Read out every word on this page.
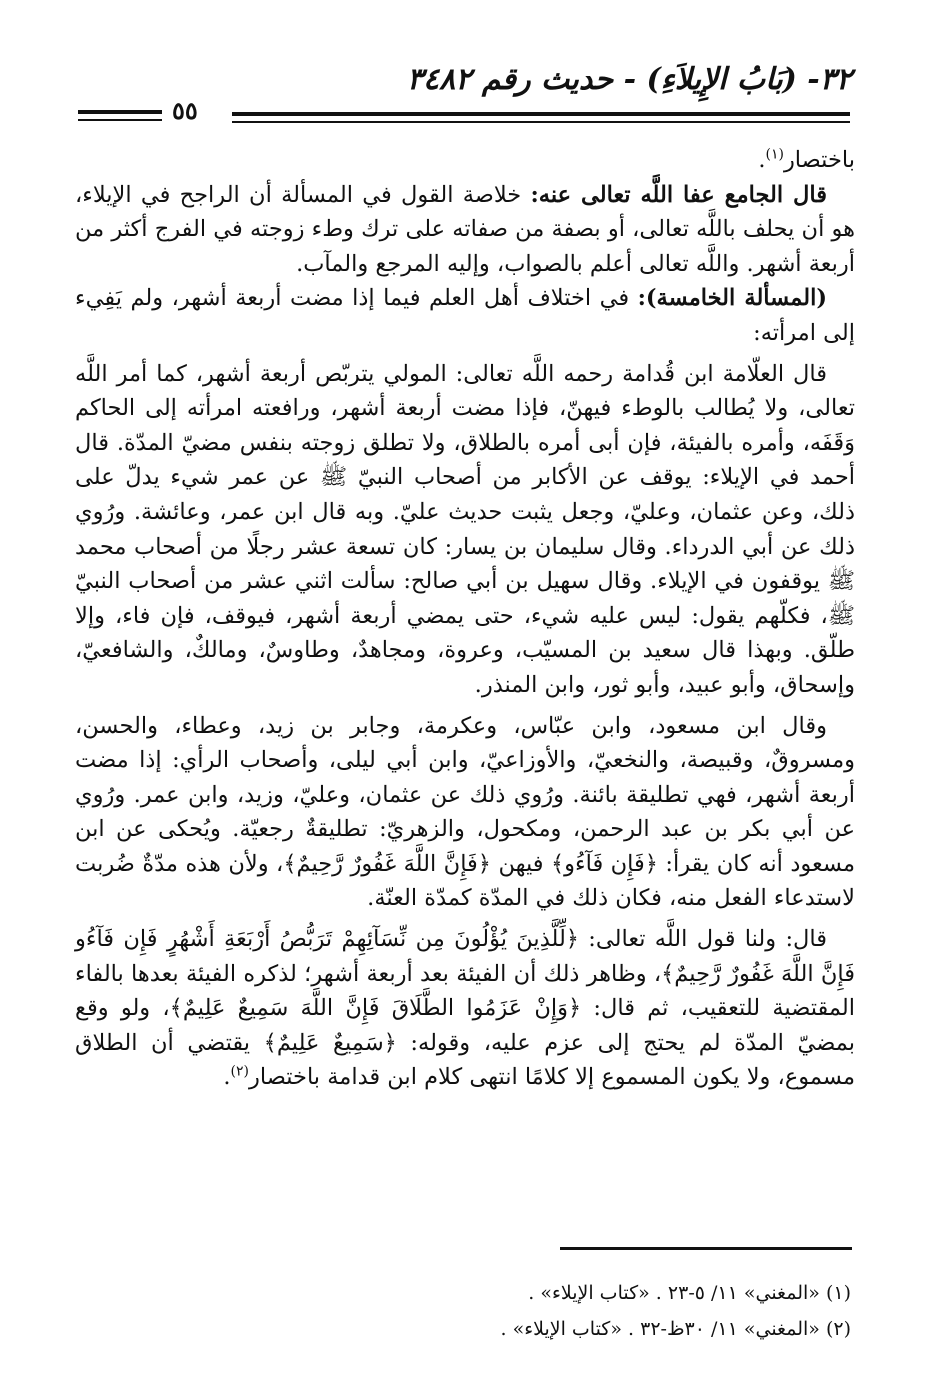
٣٢- (بَابُ الإِيلاَءِ) - حديث رقم ٣٤٨٢
٥٥

باختصار$^{(١)}$.

قال الجامع عفا اللَّه تعالى عنه: خلاصة القول في المسألة أن الراجح في الإيلاء، هو أن يحلف باللَّه تعالى، أو بصفة من صفاته على ترك وطء زوجته في الفرج أكثر من أربعة أشهر. واللَّه تعالى أعلم بالصواب، وإليه المرجع والمآب.

(المسألة الخامسة): في اختلاف أهل العلم فيما إذا مضت أربعة أشهر، ولم يَفِيء إلى امرأته:

قال العلّامة ابن قُدامة رحمه اللَّه تعالى: المولي يتربّص أربعة أشهر، كما أمر اللَّه تعالى، ولا يُطالب بالوطء فيهنّ، فإذا مضت أربعة أشهر، ورافعته امرأته إلى الحاكم وَقَفَه، وأمره بالفيئة، فإن أبى أمره بالطلاق، ولا تطلق زوجته بنفس مضيّ المدّة. قال أحمد في الإيلاء: يوقف عن الأكابر من أصحاب النبيّ ﷺ عن عمر شيء يدلّ على ذلك، وعن عثمان، وعليّ، وجعل يثبت حديث عليّ. وبه قال ابن عمر، وعائشة. ورُوي ذلك عن أبي الدرداء. وقال سليمان بن يسار: كان تسعة عشر رجلًا من أصحاب محمد ﷺ يوقفون في الإيلاء. وقال سهيل بن أبي صالح: سألت اثني عشر من أصحاب النبيّ ﷺ، فكلّهم يقول: ليس عليه شيء، حتى يمضي أربعة أشهر، فيوقف، فإن فاء، وإلا طلّق. وبهذا قال سعيد بن المسيّب، وعروة، ومجاهدٌ، وطاوسٌ، ومالكٌ، والشافعيّ، وإسحاق، وأبو عبيد، وأبو ثور، وابن المنذر.

وقال ابن مسعود، وابن عبّاس، وعكرمة، وجابر بن زيد، وعطاء، والحسن، ومسروقٌ، وقبيصة، والنخعيّ، والأوزاعيّ، وابن أبي ليلى، وأصحاب الرأي: إذا مضت أربعة أشهر، فهي تطليقة بائنة. ورُوي ذلك عن عثمان، وعليّ، وزيد، وابن عمر. ورُوي عن أبي بكر بن عبد الرحمن، ومكحول، والزهريّ: تطليقةٌ رجعيّة. ويُحكى عن ابن مسعود أنه كان يقرأ: ﴿فَإِن فَآءُو﴾ فيهن ﴿فَإِنَّ اللَّهَ غَفُورٌ رَّحِيمٌ﴾، ولأن هذه مدّةٌ ضُربت لاستدعاء الفعل منه، فكان ذلك في المدّة كمدّة العنّة.

قال: ولنا قول اللَّه تعالى: ﴿لِّلَّذِينَ يُؤْلُونَ مِن نِّسَآئِهِمْ تَرَبُّصُ أَرْبَعَةِ أَشْهُرٍ فَإِن فَآءُو فَإِنَّ اللَّهَ غَفُورٌ رَّحِيمٌ﴾، وظاهر ذلك أن الفيئة بعد أربعة أشهر؛ لذكره الفيئة بعدها بالفاء المقتضية للتعقيب، ثم قال: ﴿وَإِنْ عَزَمُوا الطَّلَاقَ فَإِنَّ اللَّهَ سَمِيعٌ عَلِيمٌ﴾، ولو وقع بمضيّ المدّة لم يحتج إلى عزم عليه، وقوله: ﴿سَمِيعٌ عَلِيمٌ﴾ يقتضي أن الطلاق مسموع، ولا يكون المسموع إلا كلامًا انتهى كلام ابن قدامة باختصار$^{(٢)}$.

(١) «المغني» ١١/ ٥-٢٣ . «كتاب الإيلاء» .
(٢) «المغني» ١١/ ٣٠ظ-٣٢ . «كتاب الإيلاء» .
